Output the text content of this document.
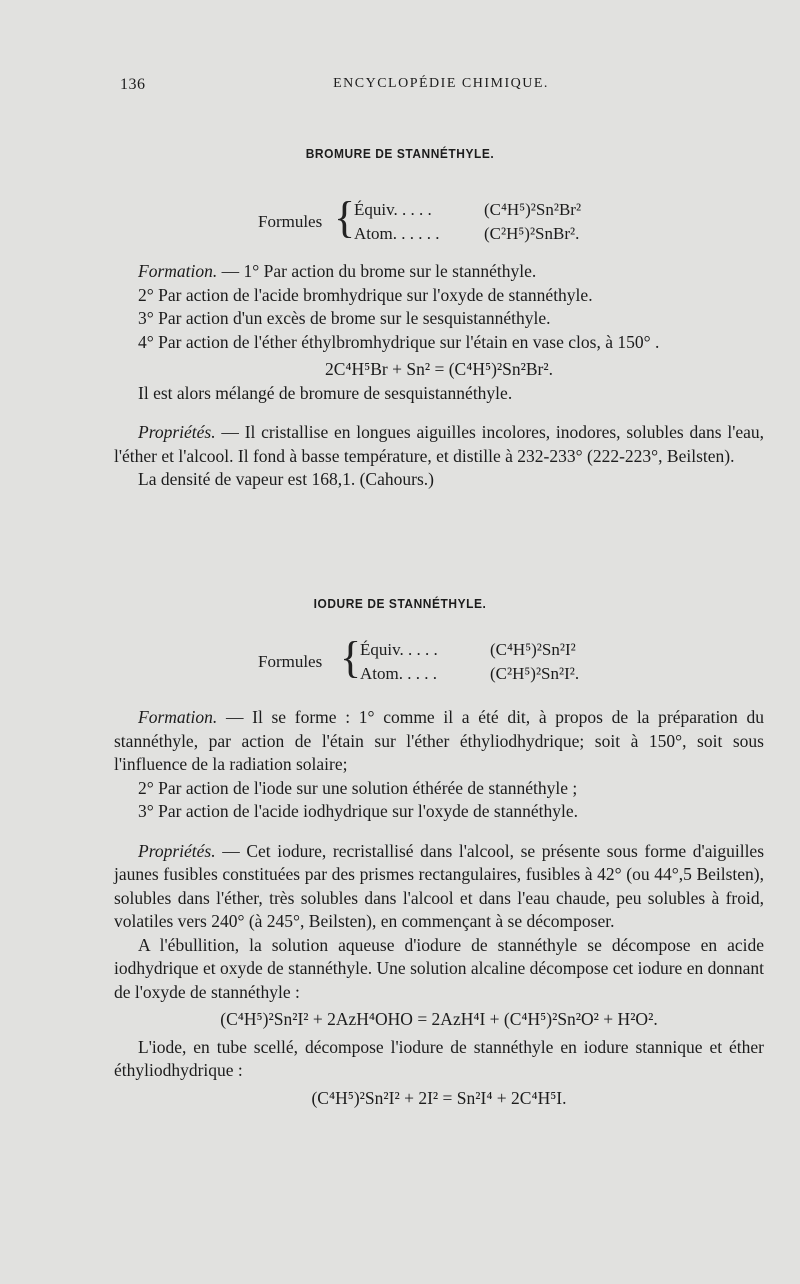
136	ENCYCLOPÉDIE CHIMIQUE.
BROMURE DE STANNÉTHYLE.
Formules {
Équiv. . . . .	(C⁴H⁵)²Sn²Br²
Atom. . . . . .	(C²H⁵)²SnBr².

Formation. — 1° Par action du brome sur le stannéthyle.

2° Par action de l'acide bromhydrique sur l'oxyde de stannéthyle.

3° Par action d'un excès de brome sur le sesquistannéthyle.

4° Par action de l'éther éthylbromhydrique sur l'étain en vase clos, à 150° .

2C⁴H⁵Br + Sn² = (C⁴H⁵)²Sn²Br².

Il est alors mélangé de bromure de sesquistannéthyle.

Propriétés. — Il cristallise en longues aiguilles incolores, inodores, solubles dans l'eau, l'éther et l'alcool. Il fond à basse température, et distille à 232-233° (222-223°, Beilsten).

La densité de vapeur est 168,1. (Cahours.)

IODURE DE STANNÉTHYLE.
Formules {
Équiv. . . . .	(C⁴H⁵)²Sn²I²
Atom. . . . .	(C²H⁵)²Sn²I².

Formation. — Il se forme : 1° comme il a été dit, à propos de la préparation du stannéthyle, par action de l'étain sur l'éther éthyliodhydrique; soit à 150°, soit sous l'influence de la radiation solaire;

2° Par action de l'iode sur une solution éthérée de stannéthyle ;

3° Par action de l'acide iodhydrique sur l'oxyde de stannéthyle.

Propriétés. — Cet iodure, recristallisé dans l'alcool, se présente sous forme d'aiguilles jaunes fusibles constituées par des prismes rectangulaires, fusibles à 42° (ou 44°,5 Beilsten), solubles dans l'éther, très solubles dans l'alcool et dans l'eau chaude, peu solubles à froid, volatiles vers 240° (à 245°, Beilsten), en commençant à se décomposer.

A l'ébullition, la solution aqueuse d'iodure de stannéthyle se décompose en acide iodhydrique et oxyde de stannéthyle. Une solution alcaline décompose cet iodure en donnant de l'oxyde de stannéthyle :

(C⁴H⁵)²Sn²I² + 2AzH⁴OHO = 2AzH⁴I + (C⁴H⁵)²Sn²O² + H²O².

L'iode, en tube scellé, décompose l'iodure de stannéthyle en iodure stannique et éther éthyliodhydrique :

(C⁴H⁵)²Sn²I² + 2I² = Sn²I⁴ + 2C⁴H⁵I.
